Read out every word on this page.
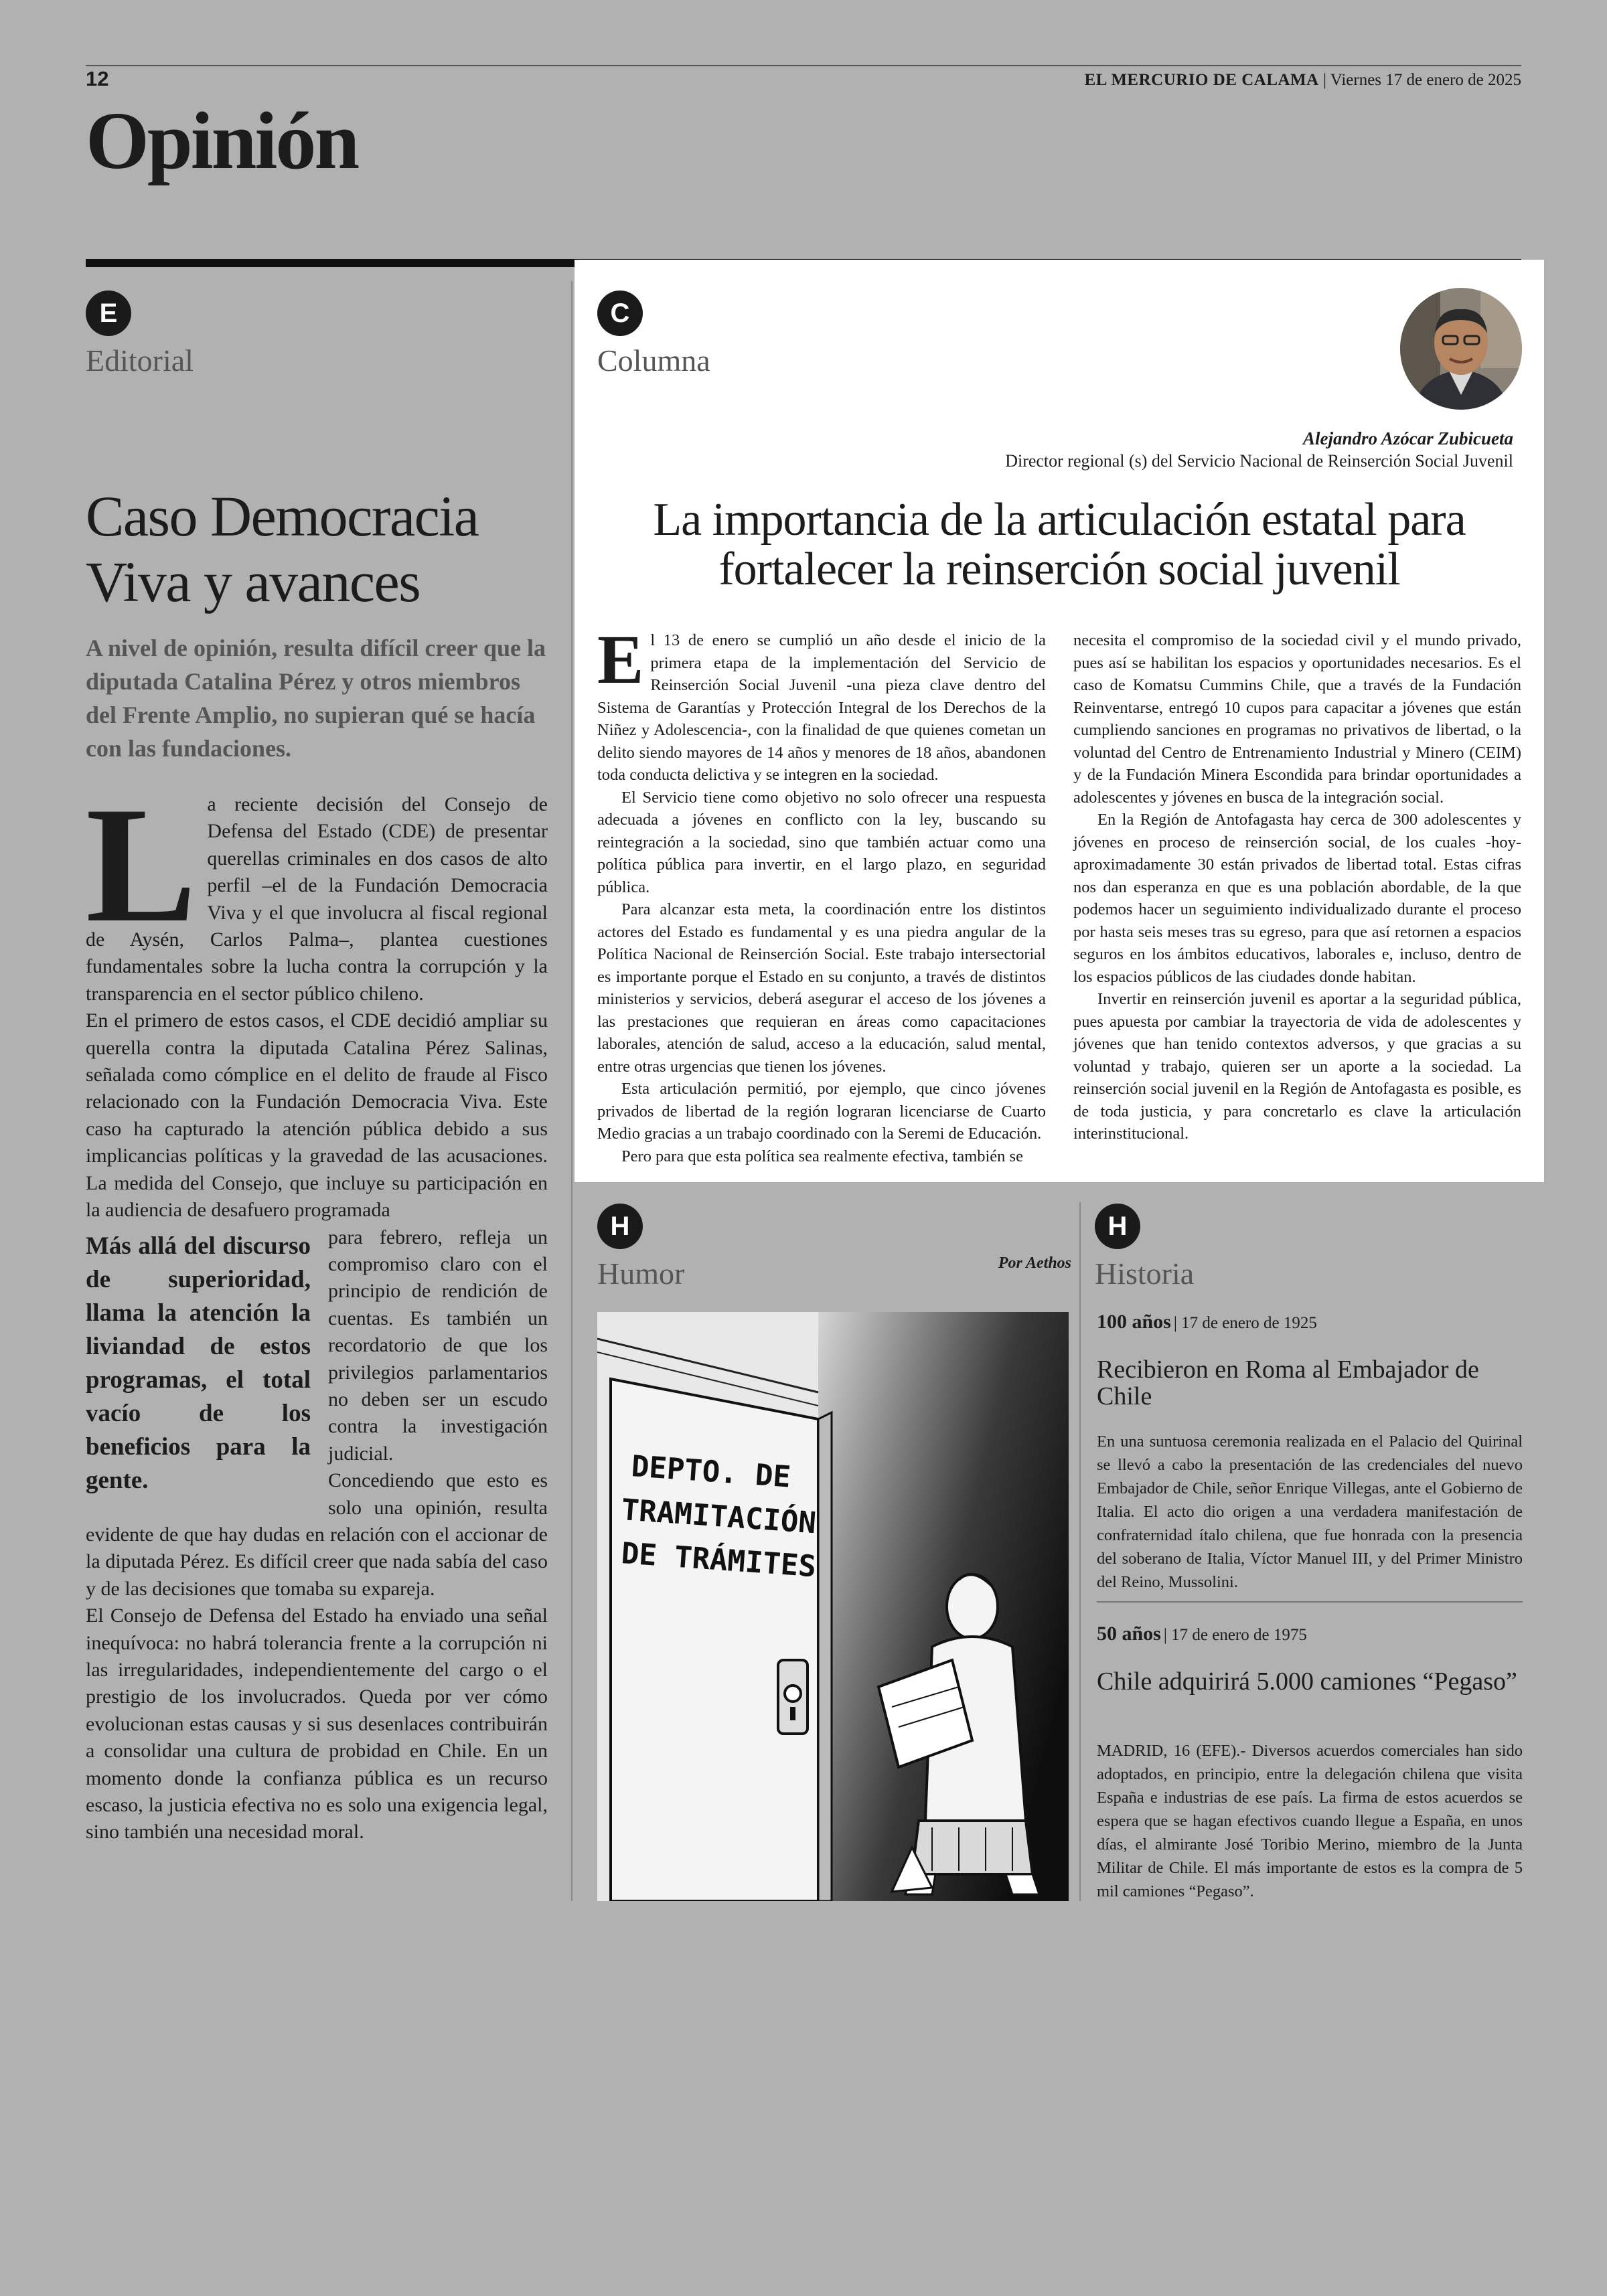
12	EL MERCURIO DE CALAMA | Viernes 17 de enero de 2025
Opinión
E
Editorial
Caso Democracia Viva y avances
A nivel de opinión, resulta difícil creer que la diputada Catalina Pérez y otros miembros del Frente Amplio, no supieran qué se hacía con las fundaciones.
L a reciente decisión del Consejo de Defensa del Estado (CDE) de presentar querellas criminales en dos casos de alto perfil –el de la Fundación Democracia Viva y el que involucra al fiscal regional de Aysén, Carlos Palma–, plantea cuestiones fundamentales sobre la lucha contra la corrupción y la transparencia en el sector público chileno.

En el primero de estos casos, el CDE decidió ampliar su querella contra la diputada Catalina Pérez Salinas, señalada como cómplice en el delito de fraude al Fisco relacionado con la Fundación Democracia Viva. Este caso ha capturado la atención pública debido a sus implicancias políticas y la gravedad de las acusaciones. La medida del Consejo, que incluye su participación en la audiencia de desafuero programada

Más allá del discurso de superioridad, llama la atención la liviandad de estos programas, el total vacío de los beneficios para la gente.

para febrero, refleja un compromiso claro con el principio de rendición de cuentas. Es también un recordatorio de que los privilegios parlamentarios no deben ser un escudo contra la investigación judicial.

Concediendo que esto es solo una opinión, resulta evidente de que hay dudas en relación con el accionar de la diputada Pérez. Es difícil creer que nada sabía del caso y de las decisiones que tomaba su expareja.

El Consejo de Defensa del Estado ha enviado una señal inequívoca: no habrá tolerancia frente a la corrupción ni las irregularidades, independientemente del cargo o el prestigio de los involucrados. Queda por ver cómo evolucionan estas causas y si sus desenlaces contribuirán a consolidar una cultura de probidad en Chile. En un momento donde la confianza pública es un recurso escaso, la justicia efectiva no es solo una exigencia legal, sino también una necesidad moral.

C
Columna
Alejandro Azócar Zubicueta
Director regional (s) del Servicio Nacional de Reinserción Social Juvenil
La importancia de la articulación estatal para fortalecer la reinserción social juvenil
E l 13 de enero se cumplió un año desde el inicio de la primera etapa de la implementación del Servicio de Reinserción Social Juvenil -una pieza clave dentro del Sistema de Garantías y Protección Integral de los Derechos de la Niñez y Adolescencia-, con la finalidad de que quienes cometan un delito siendo mayores de 14 años y menores de 18 años, abandonen toda conducta delictiva y se integren en la sociedad.

El Servicio tiene como objetivo no solo ofrecer una respuesta adecuada a jóvenes en conflicto con la ley, buscando su reintegración a la sociedad, sino que también actuar como una política pública para invertir, en el largo plazo, en seguridad pública.

Para alcanzar esta meta, la coordinación entre los distintos actores del Estado es fundamental y es una piedra angular de la Política Nacional de Reinserción Social. Este trabajo intersectorial es importante porque el Estado en su conjunto, a través de distintos ministerios y servicios, deberá asegurar el acceso de los jóvenes a las prestaciones que requieran en áreas como capacitaciones laborales, atención de salud, acceso a la educación, salud mental, entre otras urgencias que tienen los jóvenes.

Esta articulación permitió, por ejemplo, que cinco jóvenes privados de libertad de la región lograran licenciarse de Cuarto Medio gracias a un trabajo coordinado con la Seremi de Educación.

Pero para que esta política sea realmente efectiva, también se

necesita el compromiso de la sociedad civil y el mundo privado, pues así se habilitan los espacios y oportunidades necesarios. Es el caso de Komatsu Cummins Chile, que a través de la Fundación Reinventarse, entregó 10 cupos para capacitar a jóvenes que están cumpliendo sanciones en programas no privativos de libertad, o la voluntad del Centro de Entrenamiento Industrial y Minero (CEIM) y de la Fundación Minera Escondida para brindar oportunidades a adolescentes y jóvenes en busca de la integración social.

En la Región de Antofagasta hay cerca de 300 adolescentes y jóvenes en proceso de reinserción social, de los cuales -hoy- aproximadamente 30 están privados de libertad total. Estas cifras nos dan esperanza en que es una población abordable, de la que podemos hacer un seguimiento individualizado durante el proceso por hasta seis meses tras su egreso, para que así retornen a espacios seguros en los ámbitos educativos, laborales e, incluso, dentro de los espacios públicos de las ciudades donde habitan.

Invertir en reinserción juvenil es aportar a la seguridad pública, pues apuesta por cambiar la trayectoria de vida de adolescentes y jóvenes que han tenido contextos adversos, y que gracias a su voluntad y trabajo, quieren ser un aporte a la sociedad. La reinserción social juvenil en la Región de Antofagasta es posible, es de toda justicia, y para concretarlo es clave la articulación interinstitucional.

H
Humor	Por Aethos
DEPTO. DE
TRAMITACIÓN
DE TRÁMITES
H
Historia
100 años | 17 de enero de 1925
Recibieron en Roma al Embajador de Chile
En una suntuosa ceremonia realizada en el Palacio del Quirinal se llevó a cabo la presentación de las credenciales del nuevo Embajador de Chile, señor Enrique Villegas, ante el Gobierno de Italia. El acto dio origen a una verdadera manifestación de confraternidad ítalo chilena, que fue honrada con la presencia del soberano de Italia, Víctor Manuel III, y del Primer Ministro del Reino, Mussolini.
50 años | 17 de enero de 1975
Chile adquirirá 5.000 camiones “Pegaso”
MADRID, 16 (EFE).- Diversos acuerdos comerciales han sido adoptados, en principio, entre la delegación chilena que visita España e industrias de ese país. La firma de estos acuerdos se espera que se hagan efectivos cuando llegue a España, en unos días, el almirante José Toribio Merino, miembro de la Junta Militar de Chile. El más importante de estos es la compra de 5 mil camiones “Pegaso”.
